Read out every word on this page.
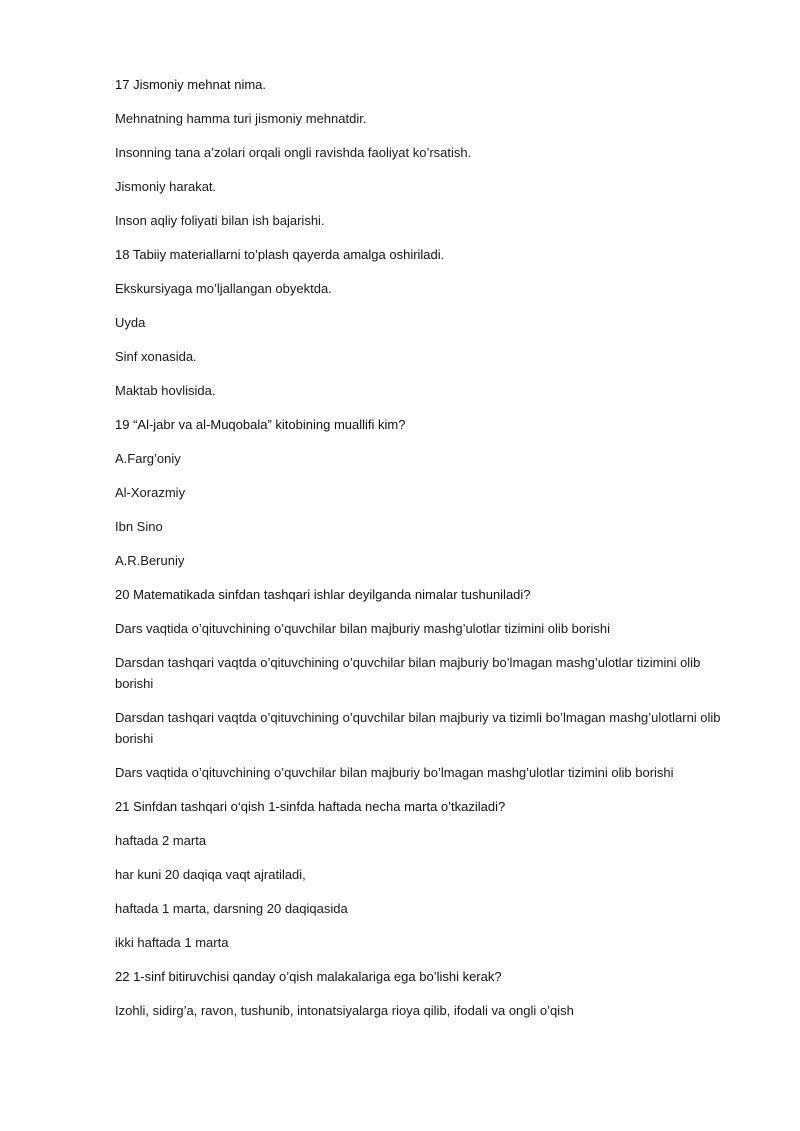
17 Jismoniy mehnat nima.

Mehnatning hamma turi jismoniy mehnatdir.

Insonning tana a’zolari orqali ongli ravishda faoliyat ko’rsatish.

Jismoniy harakat.

Inson aqliy foliyati bilan ish bajarishi.

18 Tabiiy materiallarni to’plash qayerda amalga oshiriladi.

Ekskursiyaga mo’ljallangan obyektda.

Uyda

Sinf xonasida.

Maktab hovlisida.

19 “Al-jabr va al-Muqobala” kitobining muallifi kim?

A.Farg’oniy

Al-Xorazmiy

Ibn Sino

A.R.Beruniy

20 Matematikada sinfdan tashqari ishlar deyilganda nimalar tushuniladi?

Dars vaqtida o’qituvchining o’quvchilar bilan majburiy mashg’ulotlar tizimini olib borishi

Darsdan tashqari vaqtda o’qituvchining o’quvchilar bilan majburiy bo’lmagan mashg’ulotlar tizimini olib borishi

Darsdan tashqari vaqtda o’qituvchining o’quvchilar bilan majburiy va tizimli bo’lmagan mashg’ulotlarni olib borishi

Dars vaqtida o’qituvchining o’quvchilar bilan majburiy bo’lmagan mashg’ulotlar tizimini olib borishi

21 Sinfdan tashqari o‘qish 1-sinfda haftada necha marta o’tkaziladi?

haftada 2 marta

har kuni 20 daqiqa vaqt ajratiladi,

haftada 1 marta, darsning 20 daqiqasida

ikki haftada 1 marta

22 1-sinf bitiruvchisi qanday o’qish malakalariga ega bo’lishi kerak?

Izohli, sidirg’a, ravon, tushunib, intonatsiyalarga rioya qilib, ifodali va ongli o’qish
